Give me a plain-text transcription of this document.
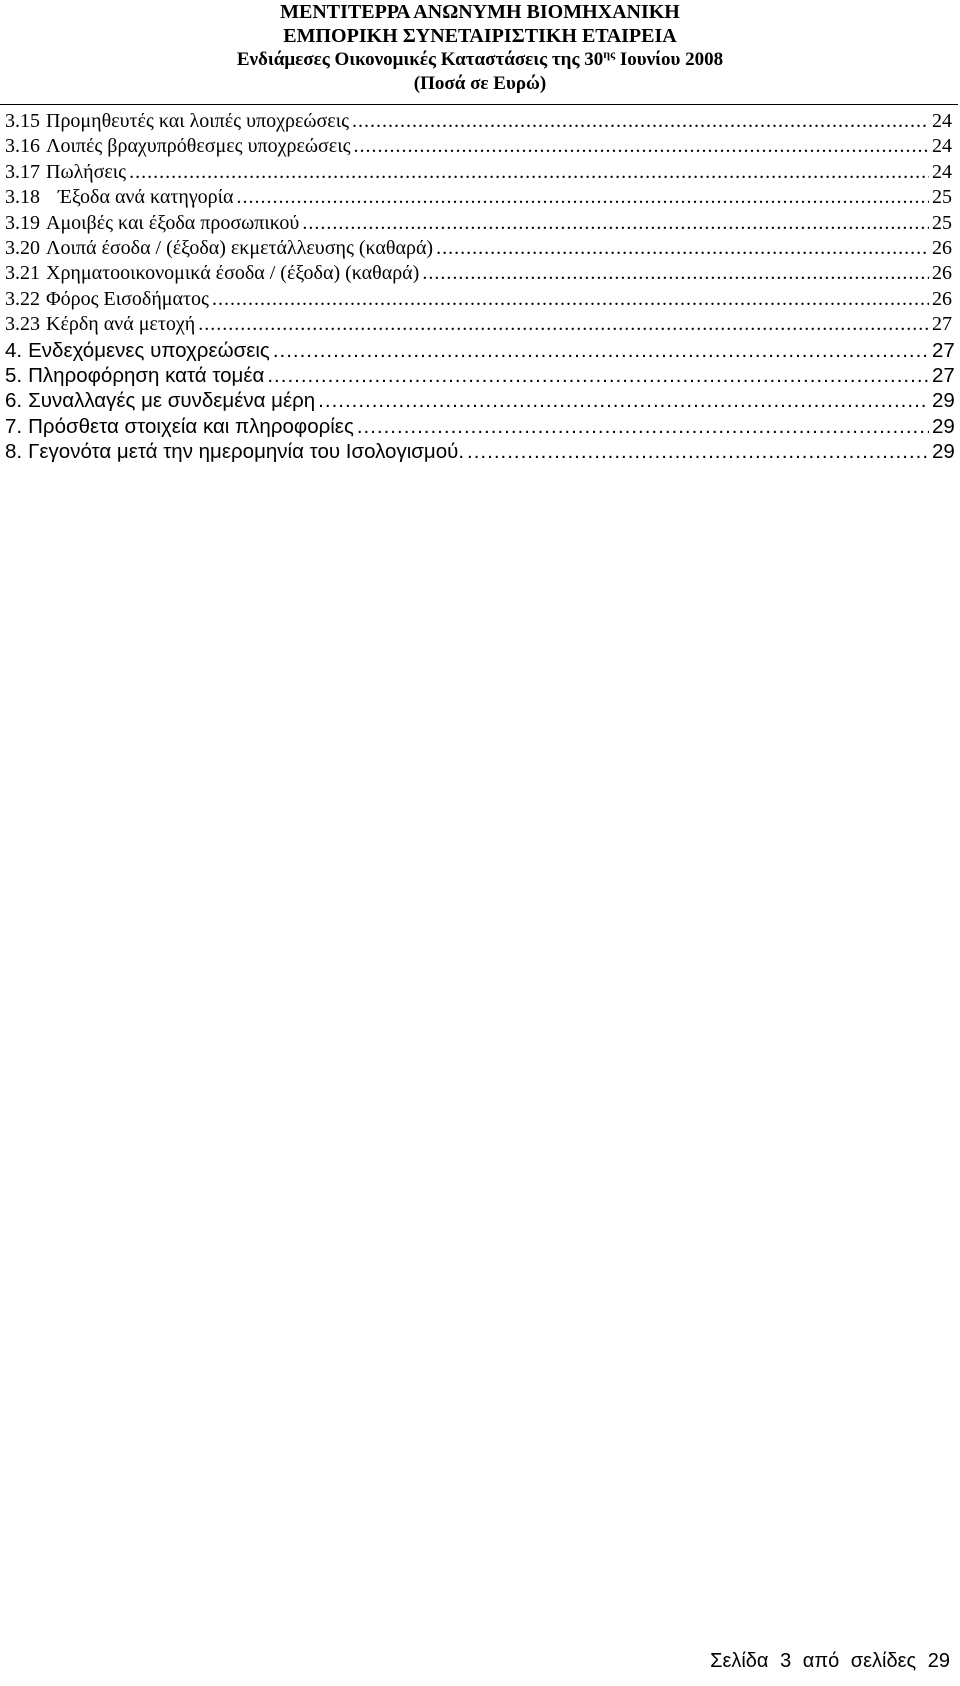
ΜΕΝΤΙΤΕΡΡΑ ΑΝΩΝΥΜΗ ΒΙΟΜΗΧΑΝΙΚΗ
ΕΜΠΟΡΙΚΗ ΣΥΝΕΤΑΙΡΙΣΤΙΚΗ ΕΤΑΙΡΕΙΑ
Ενδιάμεσες Οικονομικές Καταστάσεις της $30^{\eta\varsigma}$ Ιουνίου 2008
(Ποσά σε Ευρώ)
3.15 Προμηθευτές και λοιπές υποχρεώσεις .....	24
3.16 Λοιπές βραχυπρόθεσμες υποχρεώσεις .....	24
3.17 Πωλήσεις .....	24
3.18 Έξοδα ανά κατηγορία .....	25
3.19 Αμοιβές και έξοδα προσωπικού .....	25
3.20 Λοιπά έσοδα / (έξοδα) εκμετάλλευσης (καθαρά) .....	26
3.21 Χρηματοοικονομικά έσοδα / (έξοδα) (καθαρά) .....	26
3.22 Φόρος Εισοδήματος .....	26
3.23 Κέρδη ανά μετοχή .....	27
4. Ενδεχόμενες υποχρεώσεις .....	27
5. Πληροφόρηση κατά τομέα .....	27
6. Συναλλαγές με συνδεμένα μέρη .....	29
7. Πρόσθετα στοιχεία και πληροφορίες .....	29
8. Γεγονότα μετά την ημερομηνία του Ισολογισμού. .....	29
Σελίδα 3 από σελίδες 29
